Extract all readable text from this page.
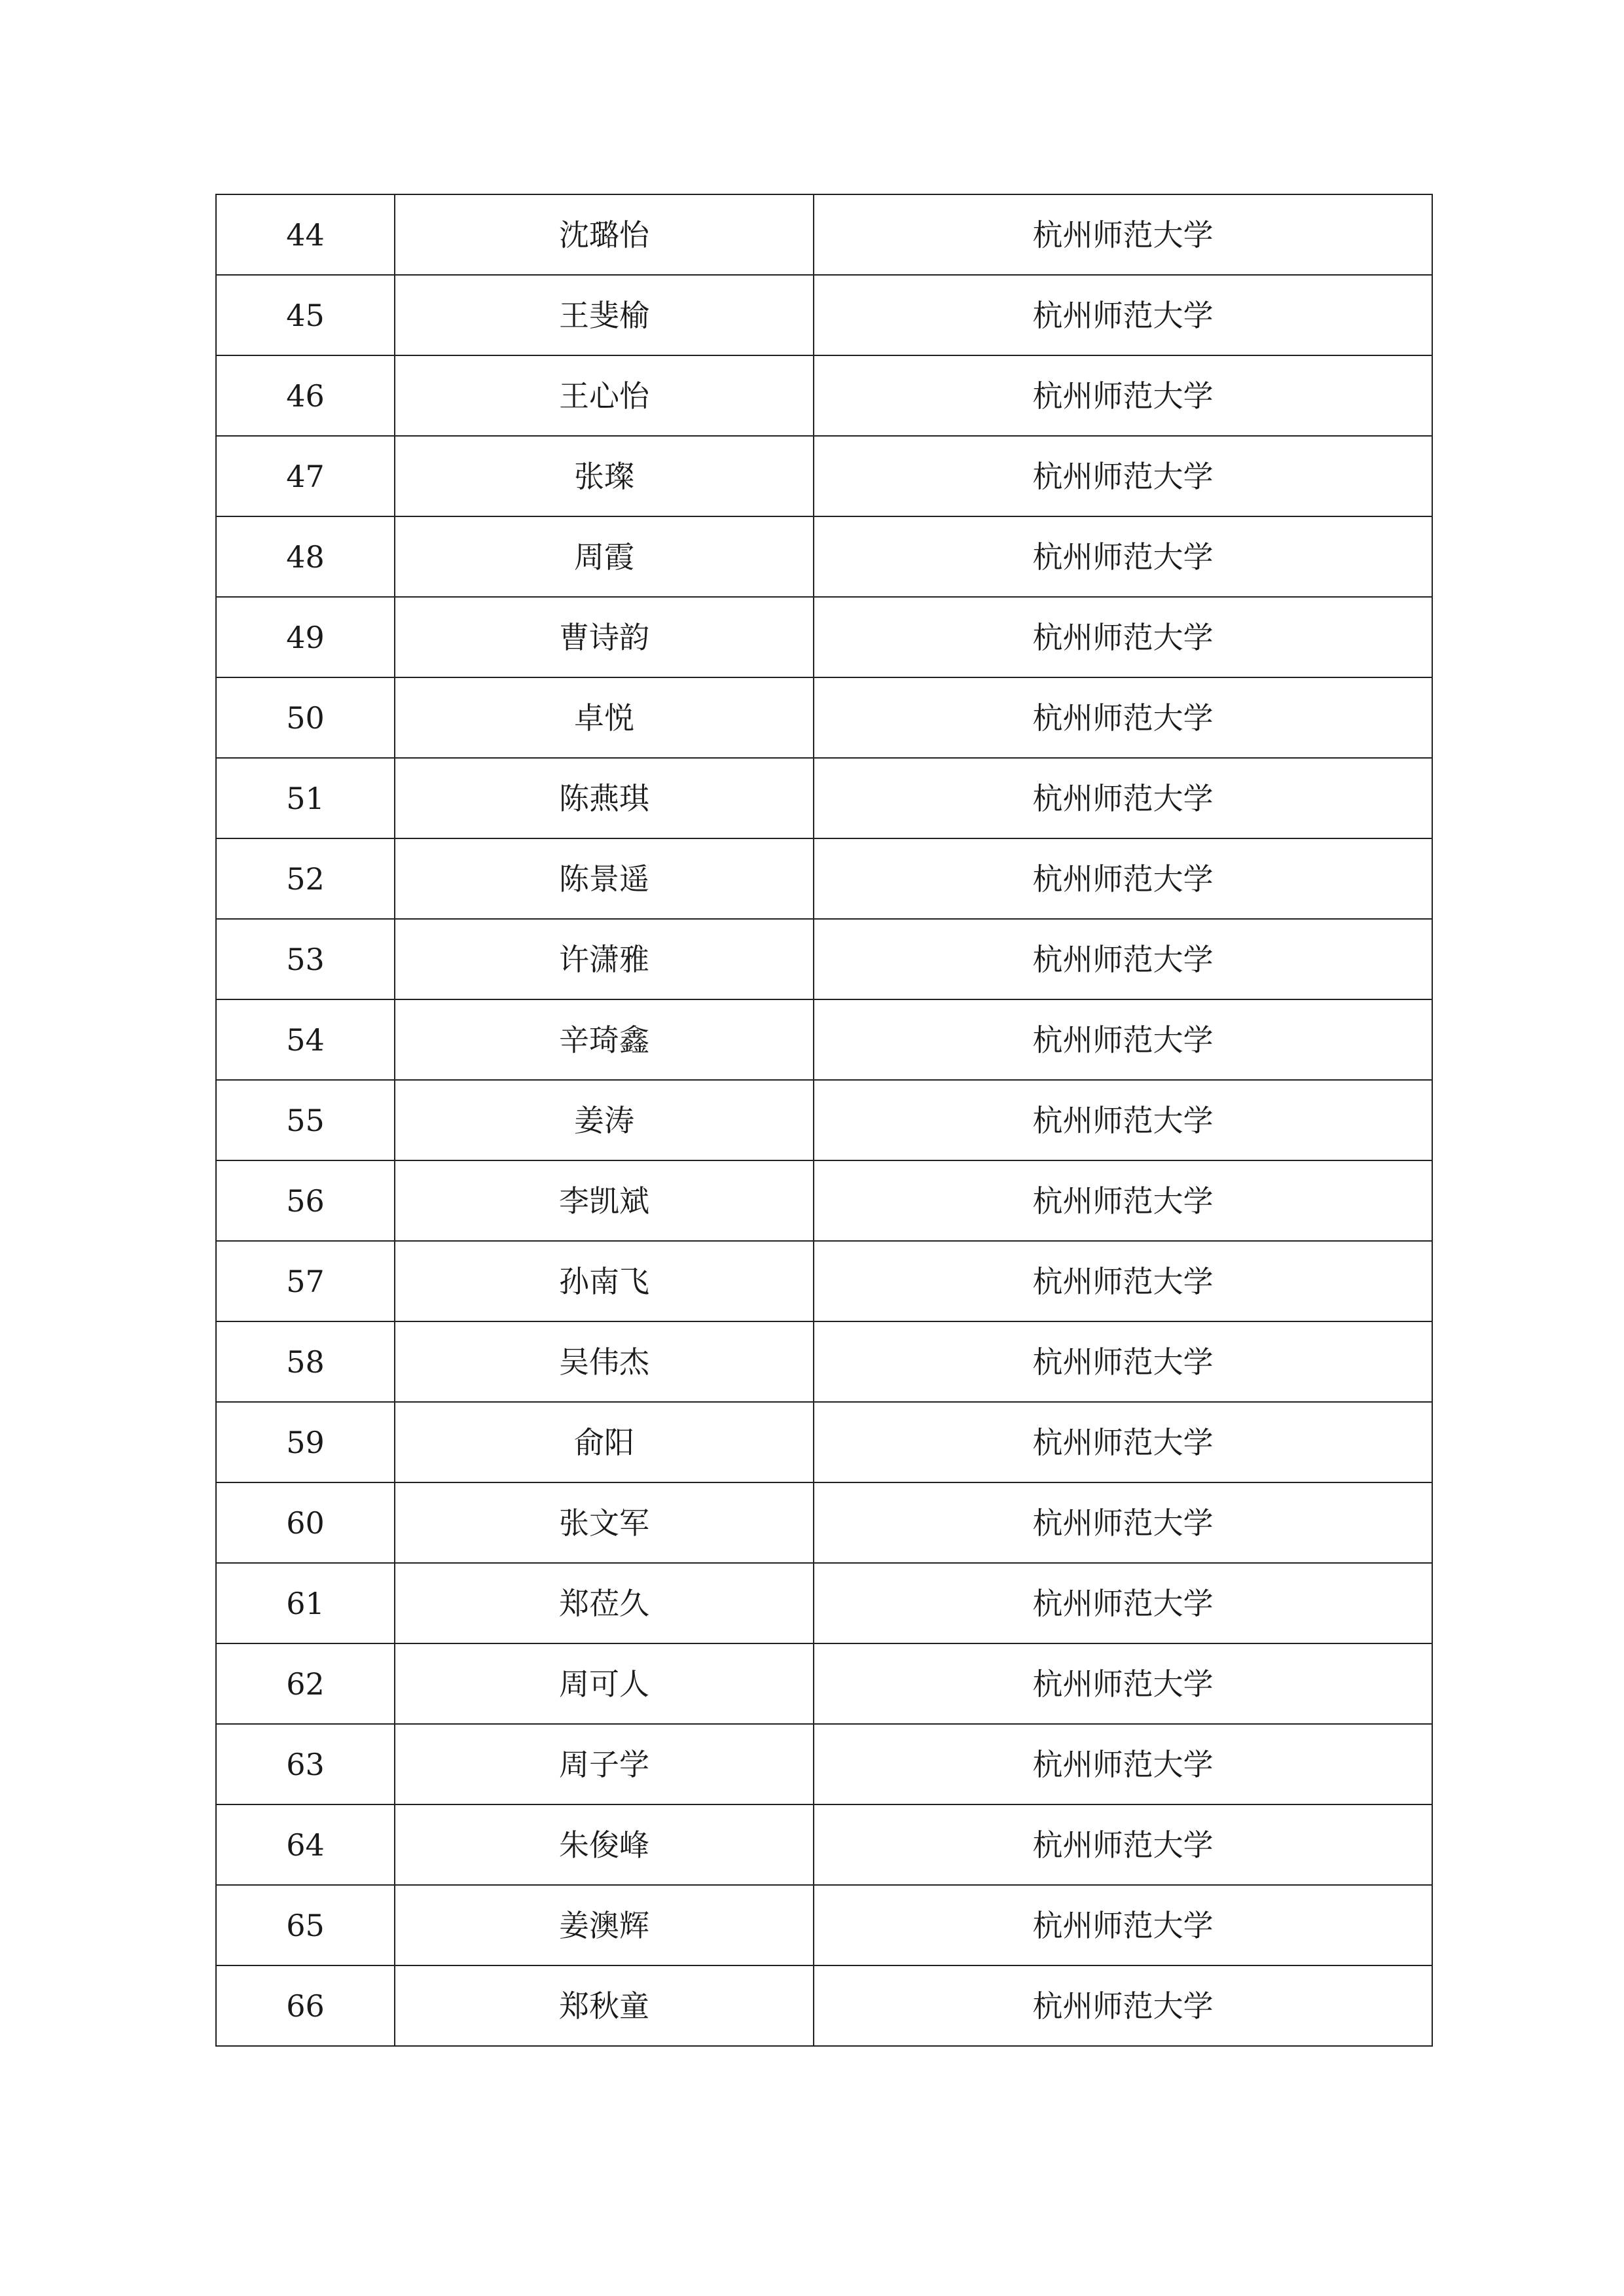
44	沈璐怡	杭州师范大学
45	王斐榆	杭州师范大学
46	王心怡	杭州师范大学
47	张璨	杭州师范大学
48	周霞	杭州师范大学
49	曹诗韵	杭州师范大学
50	卓悦	杭州师范大学
51	陈燕琪	杭州师范大学
52	陈景遥	杭州师范大学
53	许潇雅	杭州师范大学
54	辛琦鑫	杭州师范大学
55	姜涛	杭州师范大学
56	李凯斌	杭州师范大学
57	孙南飞	杭州师范大学
58	吴伟杰	杭州师范大学
59	俞阳	杭州师范大学
60	张文军	杭州师范大学
61	郑莅久	杭州师范大学
62	周可人	杭州师范大学
63	周子学	杭州师范大学
64	朱俊峰	杭州师范大学
65	姜澳辉	杭州师范大学
66	郑秋童	杭州师范大学
